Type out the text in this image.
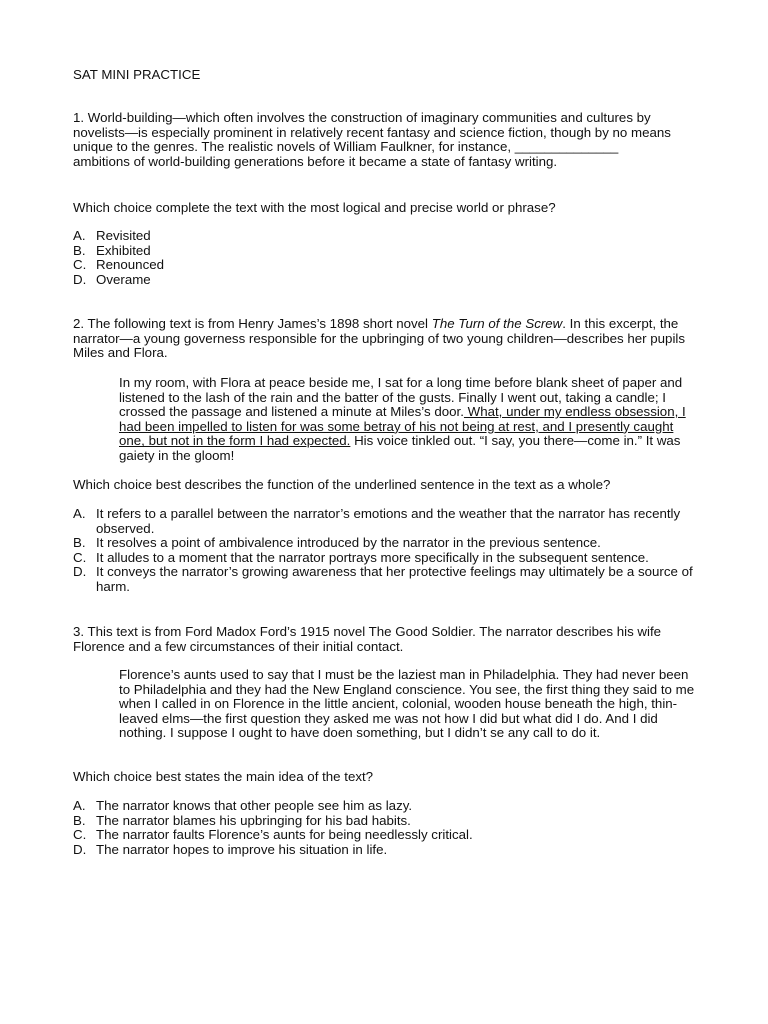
SAT MINI PRACTICE

1. World-building—which often involves the construction of imaginary communities and cultures by novelists—is especially prominent in relatively recent fantasy and science fiction, though by no means unique to the genres. The realistic novels of William Faulkner, for instance, ______________ ambitions of world-building generations before it became a state of fantasy writing.

Which choice complete the text with the most logical and precise world or phrase?

A. Revisited
B. Exhibited
C. Renounced
D. Overame

2. The following text is from Henry James’s 1898 short novel The Turn of the Screw. In this excerpt, the narrator—a young governess responsible for the upbringing of two young children—describes her pupils Miles and Flora.

In my room, with Flora at peace beside me, I sat for a long time before blank sheet of paper and listened to the lash of the rain and the batter of the gusts. Finally I went out, taking a candle; I crossed the passage and listened a minute at Miles’s door. What, under my endless obsession, I had been impelled to listen for was some betray of his not being at rest, and I presently caught one, but not in the form I had expected. His voice tinkled out. “I say, you there—come in.” It was gaiety in the gloom!

Which choice best describes the function of the underlined sentence in the text as a whole?

A. It refers to a parallel between the narrator’s emotions and the weather that the narrator has recently observed.
B. It resolves a point of ambivalence introduced by the narrator in the previous sentence.
C. It alludes to a moment that the narrator portrays more specifically in the subsequent sentence.
D. It conveys the narrator’s growing awareness that her protective feelings may ultimately be a source of harm.

3. This text is from Ford Madox Ford’s 1915 novel The Good Soldier. The narrator describes his wife Florence and a few circumstances of their initial contact.

Florence’s aunts used to say that I must be the laziest man in Philadelphia. They had never been to Philadelphia and they had the New England conscience. You see, the first thing they said to me when I called in on Florence in the little ancient, colonial, wooden house beneath the high, thin-leaved elms—the first question they asked me was not how I did but what did I do. And I did nothing. I suppose I ought to have doen something, but I didn’t se any call to do it.

Which choice best states the main idea of the text?

A. The narrator knows that other people see him as lazy.
B. The narrator blames his upbringing for his bad habits.
C. The narrator faults Florence’s aunts for being needlessly critical.
D. The narrator hopes to improve his situation in life.
